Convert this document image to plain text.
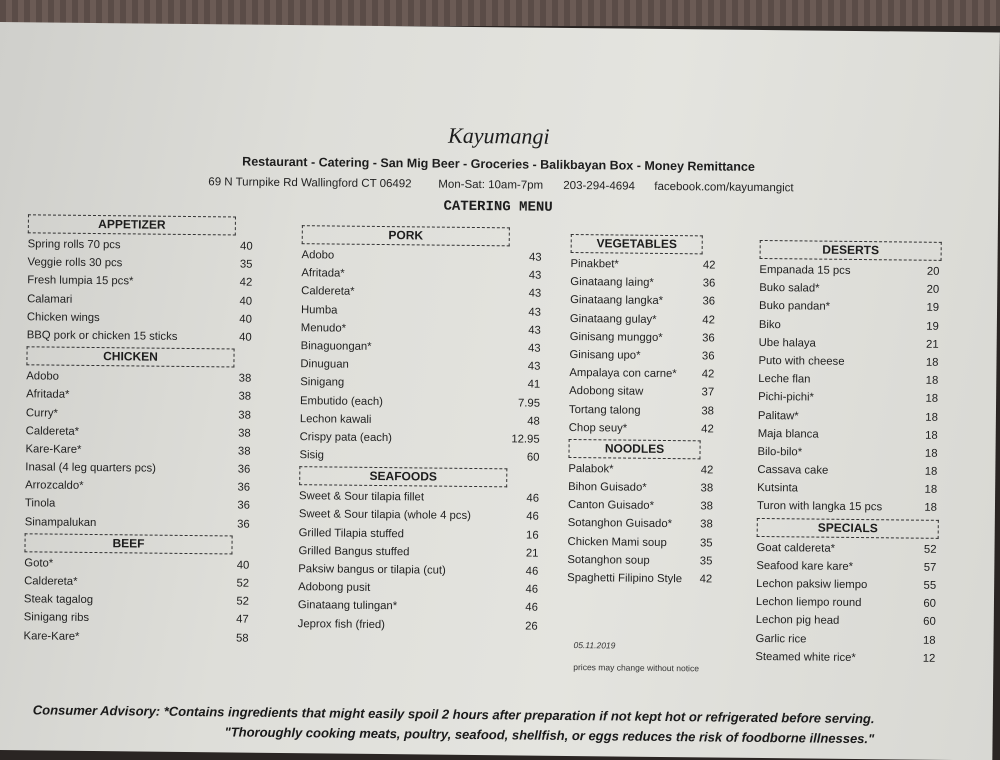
Kayumangi
Restaurant - Catering - San Mig Beer - Groceries - Balikbayan Box - Money Remittance
69 N Turnpike Rd Wallingford CT 06492 Mon-Sat: 10am-7pm 203-294-4694 facebook.com/kayumangict
CATERING MENU
APPETIZER
Spring rolls 70 pcs	40
Veggie rolls 30 pcs	35
Fresh lumpia 15 pcs*	42
Calamari	40
Chicken wings	40
BBQ pork or chicken 15 sticks	40
CHICKEN
Adobo	38
Afritada*	38
Curry*	38
Caldereta*	38
Kare-Kare*	38
Inasal (4 leg quarters pcs)	36
Arrozcaldo*	36
Tinola	36
Sinampalukan	36
BEEF
Goto*	40
Caldereta*	52
Steak tagalog	52
Sinigang ribs	47
Kare-Kare*	58
PORK
Adobo	43
Afritada*	43
Caldereta*	43
Humba	43
Menudo*	43
Binaguongan*	43
Dinuguan	43
Sinigang	41
Embutido (each)	7.95
Lechon kawali	48
Crispy pata (each)	12.95
Sisig	60
SEAFOODS
Sweet & Sour tilapia fillet	46
Sweet & Sour tilapia (whole 4 pcs)	46
Grilled Tilapia stuffed	16
Grilled Bangus stuffed	21
Paksiw bangus or tilapia (cut)	46
Adobong pusit	46
Ginataang tulingan*	46
Jeprox fish (fried)	26
VEGETABLES
Pinakbet*	42
Ginataang laing*	36
Ginataang langka*	36
Ginataang gulay*	42
Ginisang munggo*	36
Ginisang upo*	36
Ampalaya con carne* 42
Adobong sitaw	37
Tortang talong	38
Chop seuy*	42
NOODLES
Palabok*	42
Bihon Guisado*	38
Canton Guisado*	38
Sotanghon Guisado* 38
Chicken Mami soup	35
Sotanghon soup	35
Spaghetti Filipino Style 42
DESERTS
Empanada 15 pcs	20
Buko salad*	20
Buko pandan*	19
Biko	19
Ube halaya	21
Puto with cheese	18
Leche flan	18
Pichi-pichi*	18
Palitaw*	18
Maja blanca	18
Bilo-bilo*	18
Cassava cake	18
Kutsinta	18
Turon with langka 15 pcs	18
SPECIALS
Goat caldereta*	52
Seafood kare kare*	57
Lechon paksiw liempo	55
Lechon liempo round	60
Lechon pig head	60
Garlic rice	18
Steamed white rice*	12
05.11.2019
prices may change without notice
Consumer Advisory: *Contains ingredients that might easily spoil 2 hours after preparation if not kept hot or refrigerated before serving.
"Thoroughly cooking meats, poultry, seafood, shellfish, or eggs reduces the risk of foodborne illnesses."
